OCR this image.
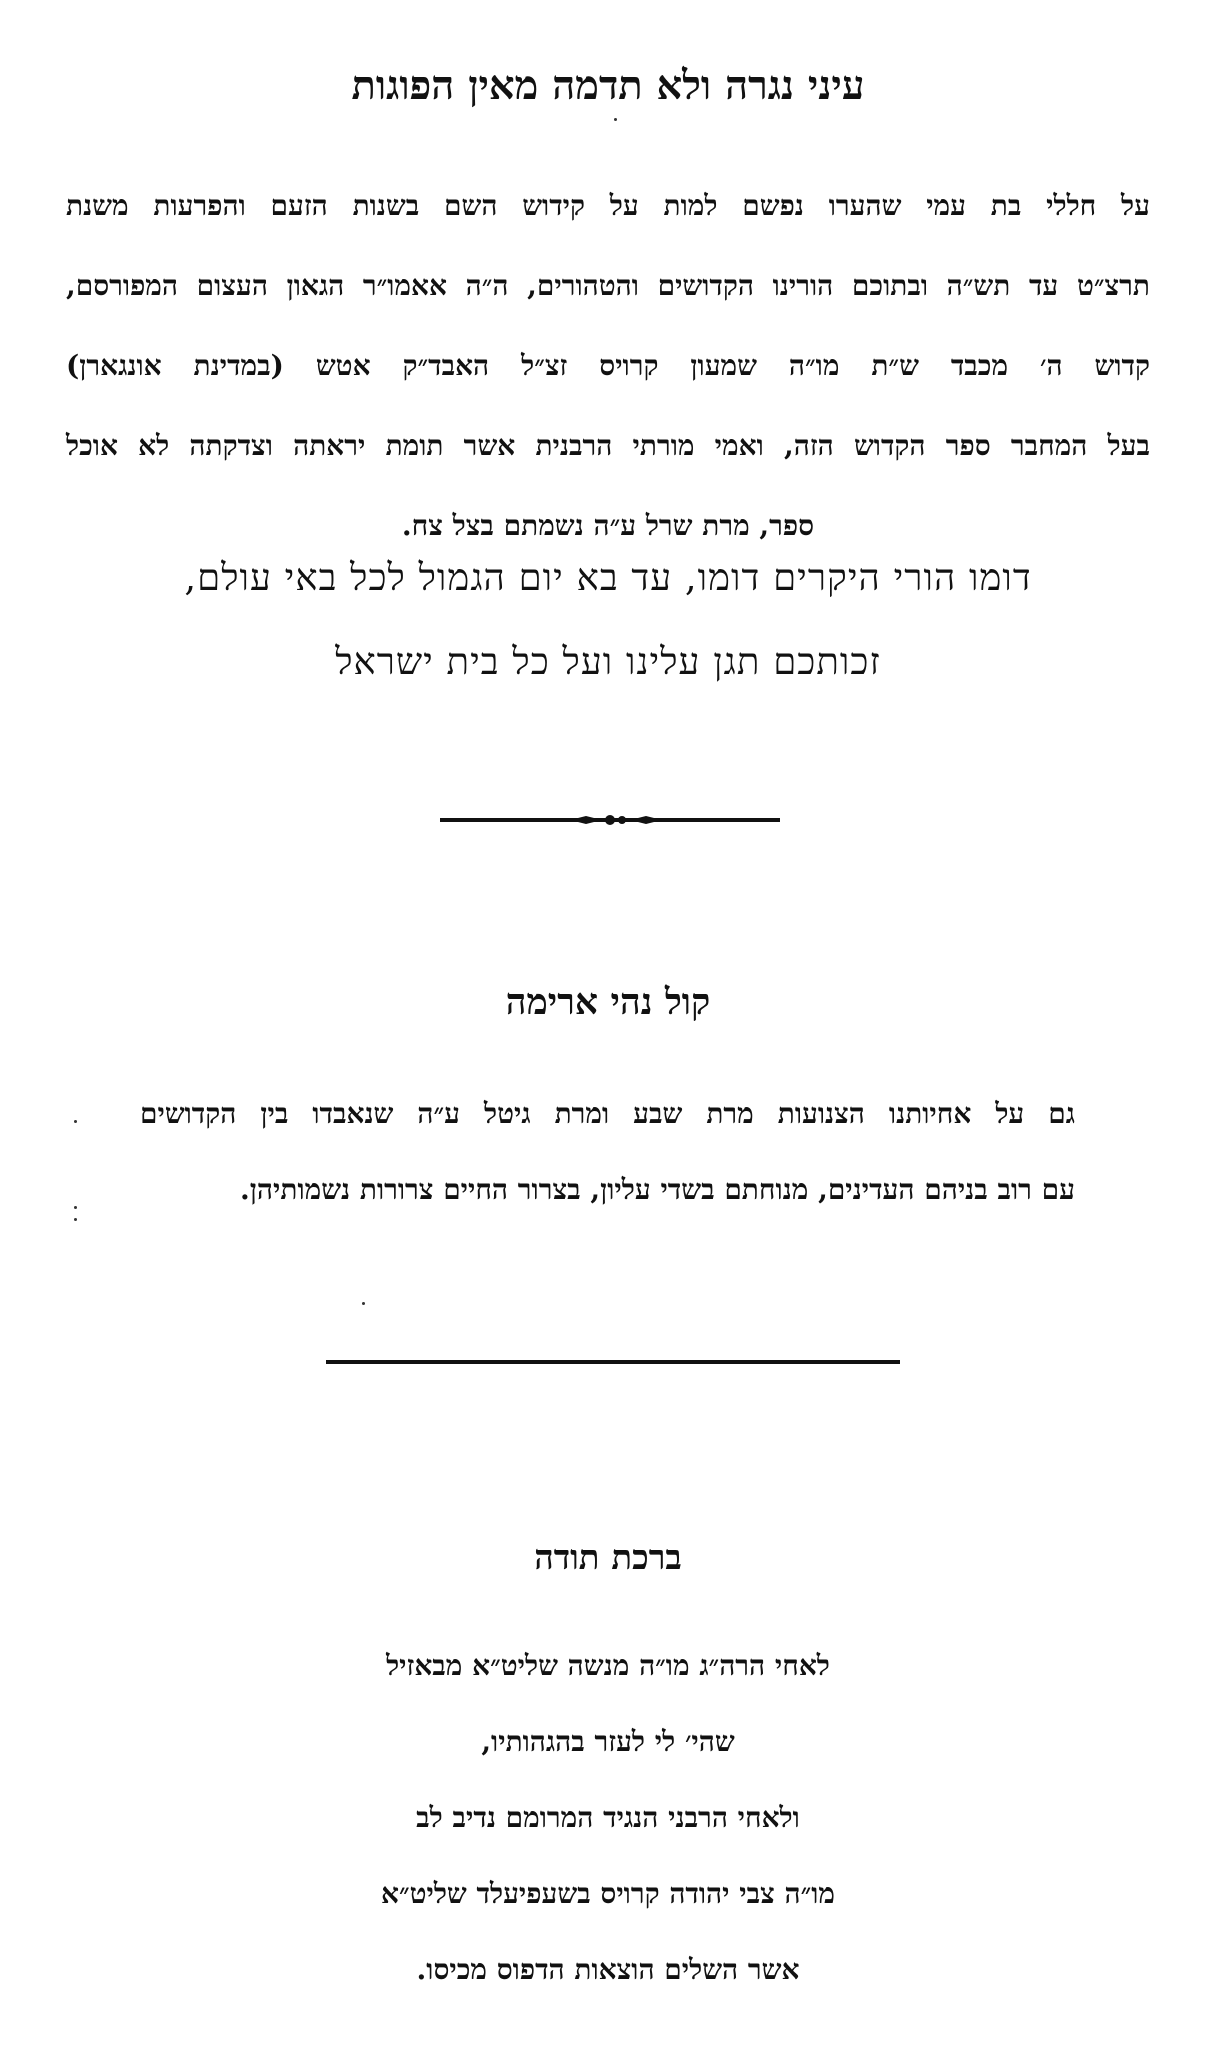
עיני נגרה ולא תדמה מאין הפוגות
על חללי בת עמי שהערו נפשם למות על קידוש השם בשנות הזעם והפרעות משנת
תרצ״ט עד תש״ה ובתוכם הורינו הקדושים והטהורים, ה״ה אאמו״ר הגאון העצום המפורסם,
קדוש ה׳ מכבד ש״ת מו״ה שמעון קרויס זצ״ל האבד״ק אטש (במדינת אונגארן)
בעל המחבר ספר הקדוש הזה, ואמי מורתי הרבנית אשר תומת יראתה וצדקתה לא אוכל
ספר, מרת שרל ע״ה נשמתם בצל צח.
דומו הורי היקרים דומו, עד בא יום הגמול לכל באי עולם,
זכותכם תגן עלינו ועל כל בית ישראל
קול נהי ארימה
גם על אחיותנו הצנועות מרת שבע ומרת גיטל ע״ה שנאבדו בין הקדושים
עם רוב בניהם העדינים, מנוחתם בשדי עליון, בצרור החיים צרורות נשמותיהן.
ברכת תודה
לאחי הרה״ג מו״ה מנשה שליט״א מבאזיל
שהי׳ לי לעזר בהגהותיו,
ולאחי הרבני הנגיד המרומם נדיב לב
מו״ה צבי יהודה קרויס בשעפיעלד שליט״א
אשר השלים הוצאות הדפוס מכיסו.
